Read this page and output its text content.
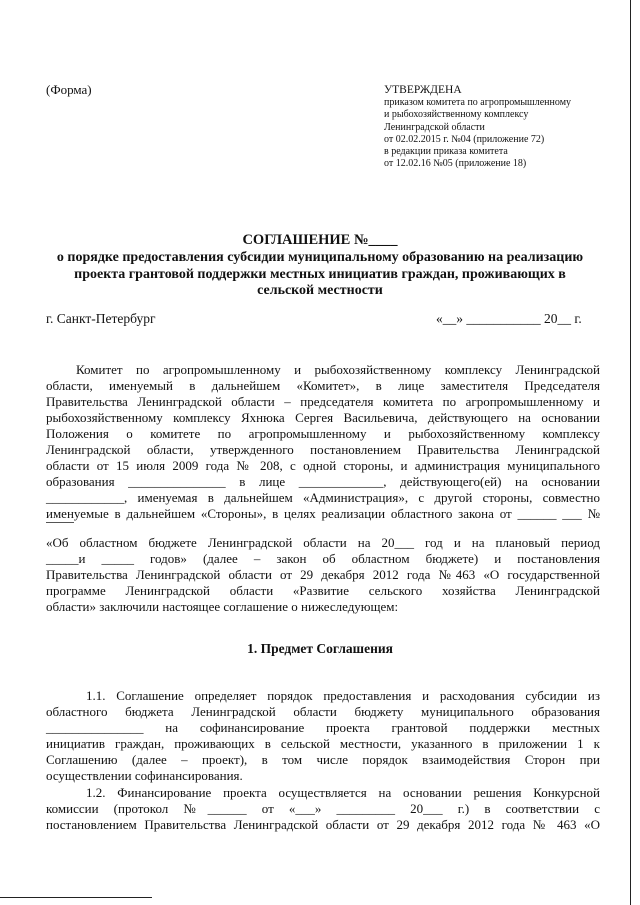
(Форма)	УТВЕРЖДЕНА
приказом комитета по агропромышленному
и рыбохозяйственному комплексу
Ленинградской области
от 02.02.2015 г. №04 (приложение 72)
в редакции приказа комитета
от 12.02.16 №05 (приложение 18)
СОГЛАШЕНИЕ №____
о порядке предоставления субсидии муниципальному образованию на реализацию
проекта грантовой поддержки местных инициатив граждан, проживающих в
сельской местности
г. Санкт-Петербург	«__» ___________ 20__ г.
Комитет по агропромышленному и рыбохозяйственному комплексу Ленинградской
области, именуемый в дальнейшем «Комитет», в лице заместителя Председателя
Правительства Ленинградской области – председателя комитета по агропромышленному и
рыбохозяйственному комплексу Яхнюка Сергея Васильевича, действующего на основании
Положения о комитете по агропромышленному и рыбохозяйственному комплексу
Ленинградской области, утвержденного постановлением Правительства Ленинградской
области от 15 июля 2009 года № 208, с одной стороны, и администрация муниципального
образования _______________ в лице _____________, действующего(ей) на основании
____________, именуемая в дальнейшем «Администрация», с другой стороны, совместно
именуемые в дальнейшем «Стороны», в целях реализации областного закона от ______ ___ №
«Об областном бюджете Ленинградской области на 20___ год и на плановый период
_____и _____ годов» (далее – закон об областном бюджете) и постановления
Правительства Ленинградской области от 29 декабря 2012 года №463 «О государственной
программе Ленинградской области «Развитие сельского хозяйства Ленинградской
области» заключили настоящее соглашение о нижеследующем:
1. Предмет Соглашения
1.1. Соглашение определяет порядок предоставления и расходования субсидии из
областного бюджета Ленинградской области бюджету муниципального образования
_______________ на софинансирование проекта грантовой поддержки местных
инициатив граждан, проживающих в сельской местности, указанного в приложении 1 к
Соглашению (далее – проект), в том числе порядок взаимодействия Сторон при
осуществлении софинансирования.
1.2. Финансирование проекта осуществляется на основании решения Конкурсной
комиссии (протокол №______ от «___» _________ 20___ г.) в соответствии с
постановлением Правительства Ленинградской области от 29 декабря 2012 года № 463 «О
